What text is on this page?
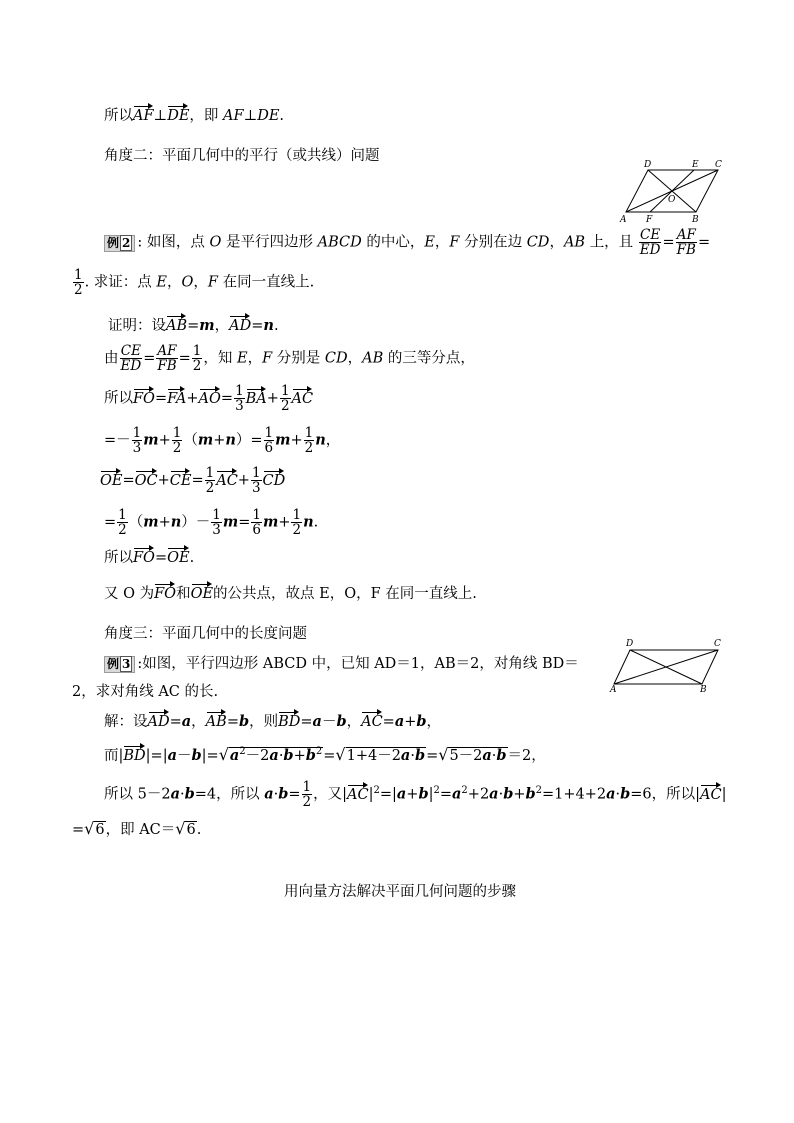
所以AF⊥DE，即 AF⊥DE.
角度二：平面几何中的平行（或共线）问题
D	E C
A F	B
O
例 2 : 如图，点 O 是平行四边形 ABCD 的中心，E，F 分别在边 CD，AB 上，且 $\frac{CE}{ED} = \frac{AF}{FB}$ =
$\frac{1}{2}$ . 求证：点 E，O，F 在同一直线上.
证明：设AB=m，AD=n.
由 $\frac{CE}{ED} = \frac{AF}{FB} = \frac{1}{2}$ ，知 E，F 分别是 CD，AB 的三等分点，
所以$FO=FA+AO= \frac{1}{3} BA+ \frac{1}{2}$ AC
=－ $\frac{1}{3} m+ \frac{1}{2} (m+n)= \frac{1}{6} m+ \frac{1}{2}$ n，
$OE=OC+CE= \frac{1}{2} AC+ \frac{1}{3}$ CD
= $\frac{1}{2} (m+n)- \frac{1}{3} m= \frac{1}{6} m+ \frac{1}{2} n$.
所以FO=OE.
又 O 为FO和OE的公共点，故点 E，O，F 在同一直线上.
角度三：平面几何中的长度问题
D	C
A	B
例 3 :如图，平行四边形 ABCD 中，已知 AD＝1，AB＝2，对角线 BD＝
2，求对角线 AC 的长.
解：设AD=a，AB=b，则BD=a－b，AC=a+b，
而$|BD|=|a-b|=√a^2-2a\cdot b+b^2=√1+4-2a\cdot b=√5-2a\cdot b=2$，
所以 5－2a·b=4，所以 $a\cdot b= \frac{1}{2}$ ，又$|AC|^2=|a+b|^2=a^2+2a\cdot b+b^2=1+4+2a\cdot b=6$，所以|AC|
=√6，即 AC＝√6.
用向量方法解决平面几何问题的步骤
